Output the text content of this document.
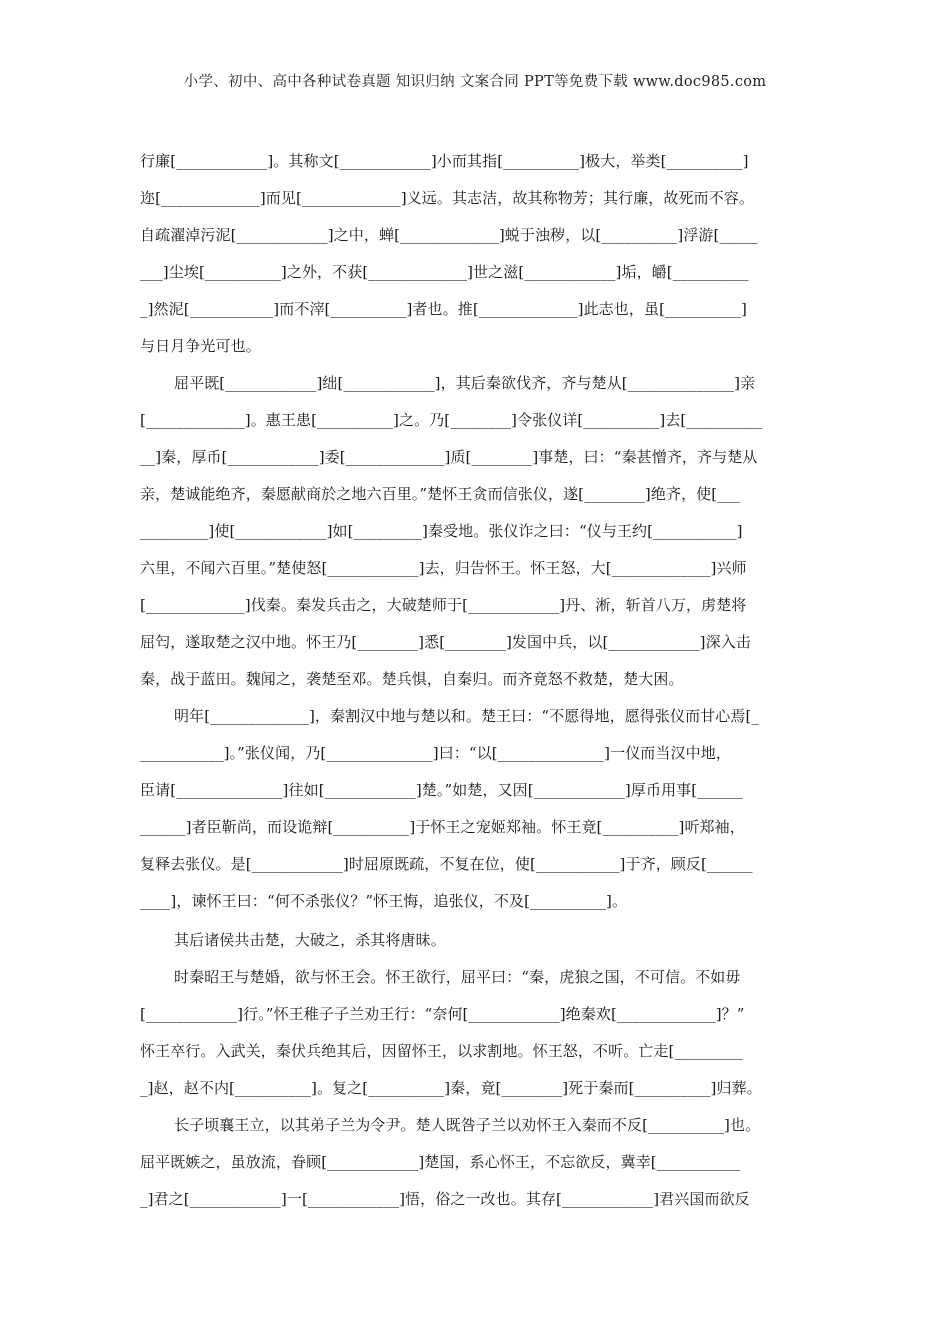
小学、初中、高中各种试卷真题 知识归纳 文案合同 PPT等免费下载 www.doc985.com
行廉[____________]。其称文[____________]小而其指[__________]极大，举类[__________]
迩[_____________]而见[_____________]义远。其志洁，故其称物芳；其行廉，故死而不容。
自疏濯淖污泥[____________]之中，蝉[_____________]蜕于浊秽，以[__________]浮游[_____
___]尘埃[__________]之外，不获[_____________]世之滋[____________]垢，皭[__________
_]然泥[___________]而不滓[__________]者也。推[_____________]此志也，虽[__________]
与日月争光可也。
屈平既[____________]绌[____________]，其后秦欲伐齐，齐与楚从[______________]亲
[_____________]。惠王患[__________]之。乃[________]令张仪详[__________]去[__________
__]秦，厚币[____________]委[_____________]质[________]事楚，曰：“秦甚憎齐，齐与楚从
亲，楚诚能绝齐，秦愿献商於之地六百里。”楚怀王贪而信张仪，遂[________]绝齐，使[___
_________]使[____________]如[_________]秦受地。张仪诈之曰：“仪与王约[___________]
六里，不闻六百里。”楚使怒[____________]去，归告怀王。怀王怒，大[_____________]兴师
[_____________]伐秦。秦发兵击之，大破楚师于[____________]丹、淅，斩首八万，虏楚将
屈匄，遂取楚之汉中地。怀王乃[________]悉[________]发国中兵，以[____________]深入击
秦，战于蓝田。魏闻之，袭楚至邓。楚兵惧，自秦归。而齐竟怒不救楚，楚大困。
明年[_____________]，秦割汉中地与楚以和。楚王曰：“不愿得地，愿得张仪而甘心焉[_
___________]。”张仪闻，乃[______________]曰：“以[______________]一仪而当汉中地，
臣请[______________]往如[____________]楚。”如楚，又因[____________]厚币用事[______
______]者臣靳尚，而设诡辩[__________]于怀王之宠姬郑袖。怀王竟[__________]听郑袖，
复释去张仪。是[____________]时屈原既疏，不复在位，使[___________]于齐，顾反[______
____]，谏怀王曰：“何不杀张仪？”怀王悔，追张仪，不及[__________]。
其后诸侯共击楚，大破之，杀其将唐昧。
时秦昭王与楚婚，欲与怀王会。怀王欲行，屈平曰：“秦，虎狼之国，不可信。不如毋
[____________]行。”怀王稚子子兰劝王行：“奈何[____________]绝秦欢[_____________]？”
怀王卒行。入武关，秦伏兵绝其后，因留怀王，以求割地。怀王怒，不听。亡走[_________
_]赵，赵不内[__________]。复之[__________]秦，竟[________]死于秦而[__________]归葬。
长子顷襄王立，以其弟子兰为令尹。楚人既咎子兰以劝怀王入秦而不反[__________]也。
屈平既嫉之，虽放流，眷顾[____________]楚国，系心怀王，不忘欲反，冀幸[___________
_]君之[____________]一[____________]悟，俗之一改也。其存[____________]君兴国而欲反
